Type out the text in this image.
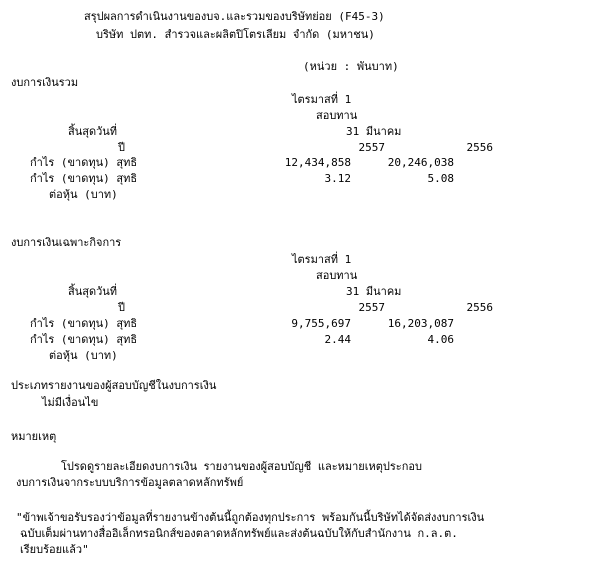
สรุปผลการดำเนินงานของบจ.และรวมของบริษัทย่อย (F45-3)
บริษัท ปตท. สำรวจและผลิตปิโตรเลียม จำกัด (มหาชน)
(หน่วย : พันบาท)
งบการเงินรวม
ไตรมาสที่ 1
สอบทาน
สิ้นสุดวันที่	31 มีนาคม
ปี	2557	2556
กำไร (ขาดทุน) สุทธิ	12,434,858	20,246,038
กำไร (ขาดทุน) สุทธิ	3.12	5.08
ต่อหุ้น (บาท)
งบการเงินเฉพาะกิจการ
ไตรมาสที่ 1
สอบทาน
สิ้นสุดวันที่	31 มีนาคม
ปี	2557	2556
กำไร (ขาดทุน) สุทธิ	9,755,697	16,203,087
กำไร (ขาดทุน) สุทธิ	2.44	4.06
ต่อหุ้น (บาท)
ประเภทรายงานของผู้สอบบัญชีในงบการเงิน
ไม่มีเงื่อนไข
หมายเหตุ
โปรดดูรายละเอียดงบการเงิน รายงานของผู้สอบบัญชี และหมายเหตุประกอบ
งบการเงินจากระบบบริการข้อมูลตลาดหลักทรัพย์
"ข้าพเจ้าขอรับรองว่าข้อมูลที่รายงานข้างต้นนี้ถูกต้องทุกประการ พร้อมกันนี้บริษัทได้จัดส่งงบการเงิน
ฉบับเต็มผ่านทางสื่ออิเล็กทรอนิกส์ของตลาดหลักทรัพย์และส่งต้นฉบับให้กับสำนักงาน ก.ล.ต.
เรียบร้อยแล้ว"
